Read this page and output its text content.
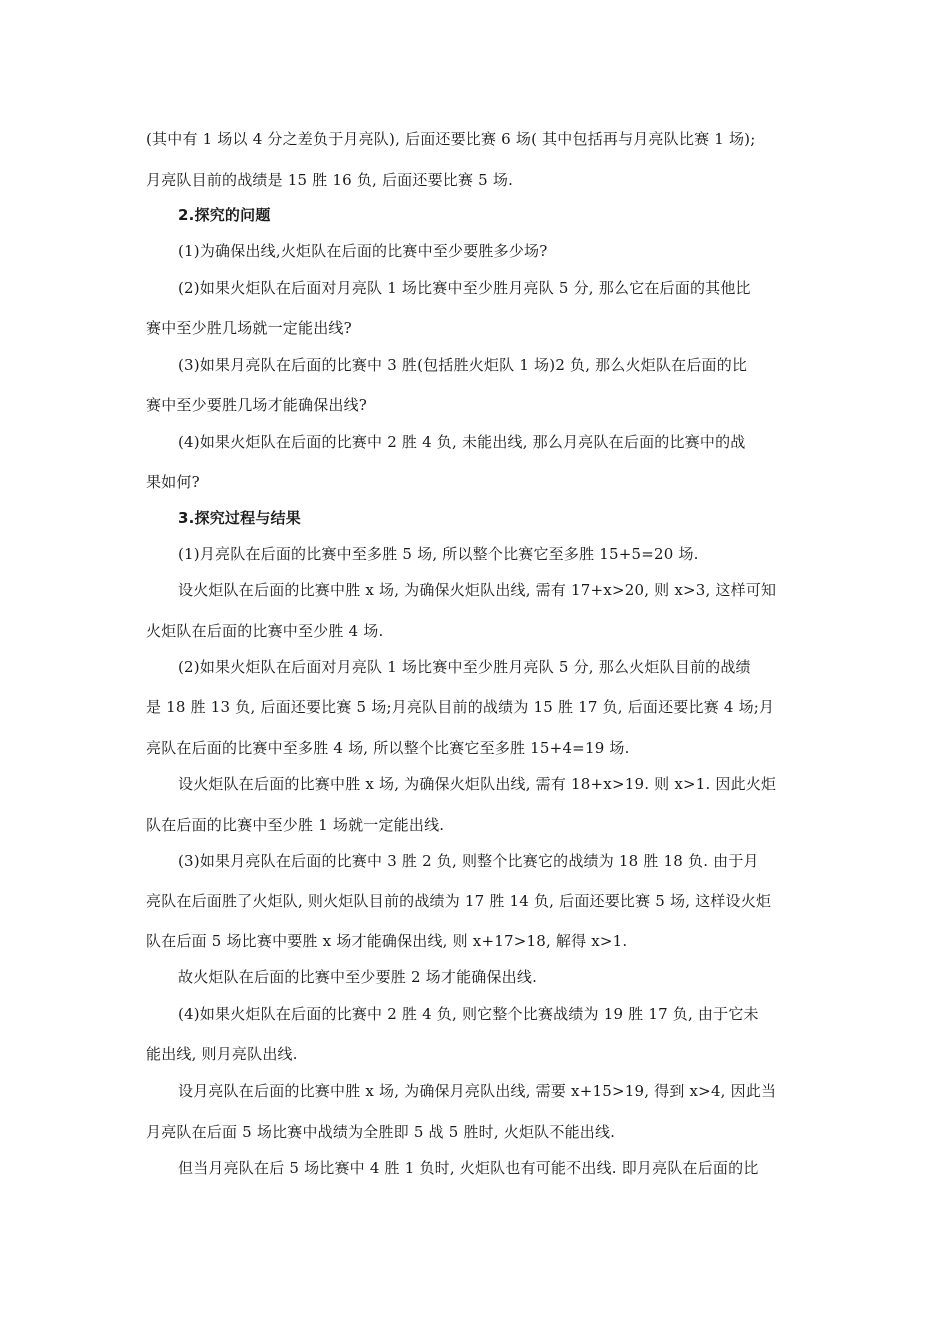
(其中有 1 场以 4 分之差负于月亮队), 后面还要比赛 6 场( 其中包括再与月亮队比赛 1 场);
月亮队目前的战绩是 15 胜 16 负, 后面还要比赛 5 场.
2.探究的问题
(1)为确保出线,火炬队在后面的比赛中至少要胜多少场?
(2)如果火炬队在后面对月亮队 1 场比赛中至少胜月亮队 5 分, 那么它在后面的其他比
赛中至少胜几场就一定能出线?
(3)如果月亮队在后面的比赛中 3 胜(包括胜火炬队 1 场)2 负, 那么火炬队在后面的比
赛中至少要胜几场才能确保出线?
(4)如果火炬队在后面的比赛中 2 胜 4 负, 未能出线, 那么月亮队在后面的比赛中的战
果如何?
3.探究过程与结果
(1)月亮队在后面的比赛中至多胜 5 场, 所以整个比赛它至多胜 15+5=20 场.
设火炬队在后面的比赛中胜 x 场, 为确保火炬队出线, 需有 17+x>20, 则 x>3, 这样可知
火炬队在后面的比赛中至少胜 4 场.
(2)如果火炬队在后面对月亮队 1 场比赛中至少胜月亮队 5 分, 那么火炬队目前的战绩
是 18 胜 13 负, 后面还要比赛 5 场;月亮队目前的战绩为 15 胜 17 负, 后面还要比赛 4 场;月
亮队在后面的比赛中至多胜 4 场, 所以整个比赛它至多胜 15+4=19 场.
设火炬队在后面的比赛中胜 x 场, 为确保火炬队出线, 需有 18+x>19. 则 x>1. 因此火炬
队在后面的比赛中至少胜 1 场就一定能出线.
(3)如果月亮队在后面的比赛中 3 胜 2 负, 则整个比赛它的战绩为 18 胜 18 负. 由于月
亮队在后面胜了火炬队, 则火炬队目前的战绩为 17 胜 14 负, 后面还要比赛 5 场, 这样设火炬
队在后面 5 场比赛中要胜 x 场才能确保出线, 则 x+17>18, 解得 x>1.
故火炬队在后面的比赛中至少要胜 2 场才能确保出线.
(4)如果火炬队在后面的比赛中 2 胜 4 负, 则它整个比赛战绩为 19 胜 17 负, 由于它未
能出线, 则月亮队出线.
设月亮队在后面的比赛中胜 x 场, 为确保月亮队出线, 需要 x+15>19, 得到 x>4, 因此当
月亮队在后面 5 场比赛中战绩为全胜即 5 战 5 胜时, 火炬队不能出线.
但当月亮队在后 5 场比赛中 4 胜 1 负时, 火炬队也有可能不出线. 即月亮队在后面的比
